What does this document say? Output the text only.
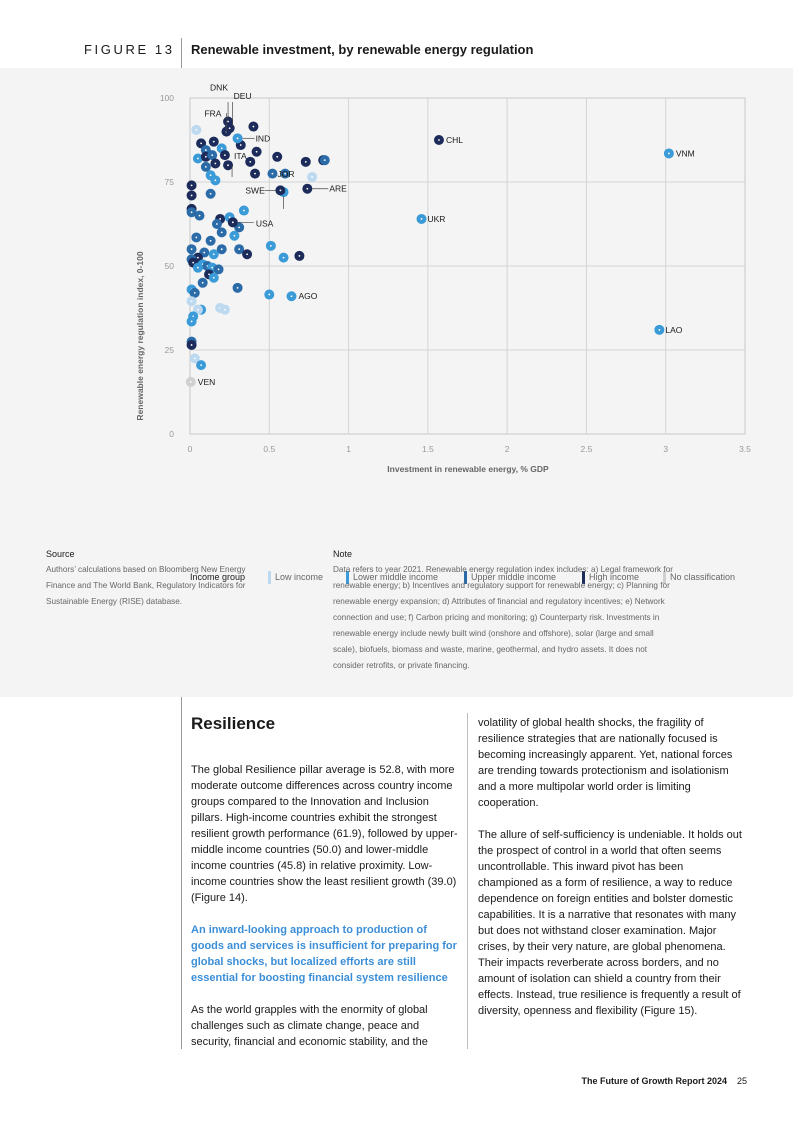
FIGURE 13 Renewable investment, by renewable energy regulation
0
25
50
75
100
0	0.5	1	1.5	2	2.5	3	3.5
CHL
VNM
UKR
LAO
AGO
VEN
ARE
USA
JOR
SWE
ITA
IND
FRA
DNK
DEU
Renewable energy regulation index, 0-100
Investment in renewable energy, % GDP
Income group	Low income	Lower middle income	Upper middle income	High income	No classification
Source
Authors’ calculations based on Bloomberg New Energy
Finance and The World Bank, Regulatory Indicators for
Sustainable Energy (RISE) database.
Note
Data refers to year 2021. Renewable energy regulation index includes: a) Legal framework for
renewable energy; b) Incentives and regulatory support for renewable energy; c) Planning for
renewable energy expansion; d) Attributes of financial and regulatory incentives; e) Network
connection and use; f) Carbon pricing and monitoring; g) Counterparty risk. Investments in
renewable energy include newly built wind (onshore and offshore), solar (large and small
scale), biofuels, biomass and waste, marine, geothermal, and hydro assets. It does not
consider retrofits, or private financing.
Resilience

The global Resilience pillar average is 52.8, with more moderate outcome differences across country income groups compared to the Innovation and Inclusion pillars. High-income countries exhibit the strongest resilient growth performance (61.9), followed by upper-middle income countries (50.0) and lower-middle income countries (45.8) in relative proximity. Low-income countries show the least resilient growth (39.0) (Figure 14).

An inward-looking approach to production of goods and services is insufficient for preparing for global shocks, but localized efforts are still essential for boosting financial system resilience

As the world grapples with the enormity of global challenges such as climate change, peace and security, financial and economic stability, and the

volatility of global health shocks, the fragility of resilience strategies that are nationally focused is becoming increasingly apparent. Yet, national forces are trending towards protectionism and isolationism and a more multipolar world order is limiting cooperation.

The allure of self-sufficiency is undeniable. It holds out the prospect of control in a world that often seems uncontrollable. This inward pivot has been championed as a form of resilience, a way to reduce dependence on foreign entities and bolster domestic capabilities. It is a narrative that resonates with many but does not withstand closer examination. Major crises, by their very nature, are global phenomena. Their impacts reverberate across borders, and no amount of isolation can shield a country from their effects. Instead, true resilience is frequently a result of diversity, openness and flexibility (Figure 15).

The Future of Growth Report 2024 25
